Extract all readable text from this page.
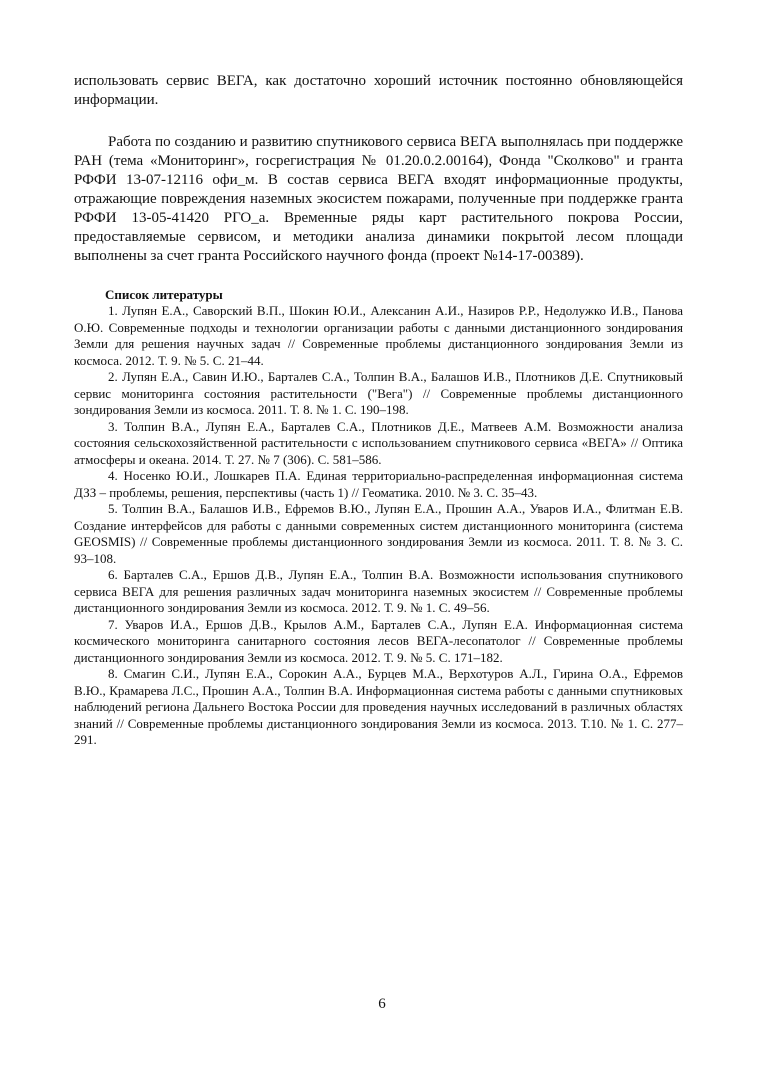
использовать сервис ВЕГА, как достаточно хороший источник постоянно обновляющейся информации.

Работа по созданию и развитию спутникового сервиса ВЕГА выполнялась при поддержке РАН (тема «Мониторинг», госрегистрация № 01.20.0.2.00164), Фонда "Сколково" и гранта РФФИ 13-07-12116 офи_м. В состав сервиса ВЕГА входят информационные продукты, отражающие повреждения наземных экосистем пожарами, полученные при поддержке гранта РФФИ 13-05-41420 РГО_а. Временные ряды карт растительного покрова России, предоставляемые сервисом, и методики анализа динамики покрытой лесом площади выполнены за счет гранта Российского научного фонда (проект №14-17-00389).

Список литературы

1. Лупян Е.А., Саворский В.П., Шокин Ю.И., Алексанин А.И., Назиров Р.Р., Недолужко И.В., Панова О.Ю. Современные подходы и технологии организации работы с данными дистанционного зондирования Земли для решения научных задач // Современные проблемы дистанционного зондирования Земли из космоса. 2012. Т. 9. № 5. С. 21–44.

2. Лупян Е.А., Савин И.Ю., Барталев С.А., Толпин В.А., Балашов И.В., Плотников Д.Е. Спутниковый сервис мониторинга состояния растительности ("Вега") // Современные проблемы дистанционного зондирования Земли из космоса. 2011. Т. 8. № 1. С. 190–198.

3. Толпин В.А., Лупян Е.А., Барталев С.А., Плотников Д.Е., Матвеев А.М. Возможности анализа состояния сельскохозяйственной растительности с использованием спутникового сервиса «ВЕГА» // Оптика атмосферы и океана. 2014. Т. 27. № 7 (306). С. 581–586.

4. Носенко Ю.И., Лошкарев П.А. Единая территориально-распределенная информационная система ДЗЗ – проблемы, решения, перспективы (часть 1) // Геоматика. 2010. № 3. С. 35–43.

5. Толпин В.А., Балашов И.В., Ефремов В.Ю., Лупян Е.А., Прошин А.А., Уваров И.А., Флитман Е.В. Создание интерфейсов для работы с данными современных систем дистанционного мониторинга (система GEOSMIS) // Современные проблемы дистанционного зондирования Земли из космоса. 2011. Т. 8. № 3. С. 93–108.

6. Барталев С.А., Ершов Д.В., Лупян Е.А., Толпин В.А. Возможности использования спутникового сервиса ВЕГА для решения различных задач мониторинга наземных экосистем // Современные проблемы дистанционного зондирования Земли из космоса. 2012. Т. 9. № 1. С. 49–56.

7. Уваров И.А., Ершов Д.В., Крылов А.М., Барталев С.А., Лупян Е.А. Информационная система космического мониторинга санитарного состояния лесов ВЕГА-лесопатолог // Современные проблемы дистанционного зондирования Земли из космоса. 2012. Т. 9. № 5. С. 171–182.

8. Смагин С.И., Лупян Е.А., Сорокин А.А., Бурцев М.А., Верхотуров А.Л., Гирина О.А., Ефремов В.Ю., Крамарева Л.С., Прошин А.А., Толпин В.А. Информационная система работы с данными спутниковых наблюдений региона Дальнего Востока России для проведения научных исследований в различных областях знаний // Современные проблемы дистанционного зондирования Земли из космоса. 2013. Т.10. № 1. С. 277–291.

6
